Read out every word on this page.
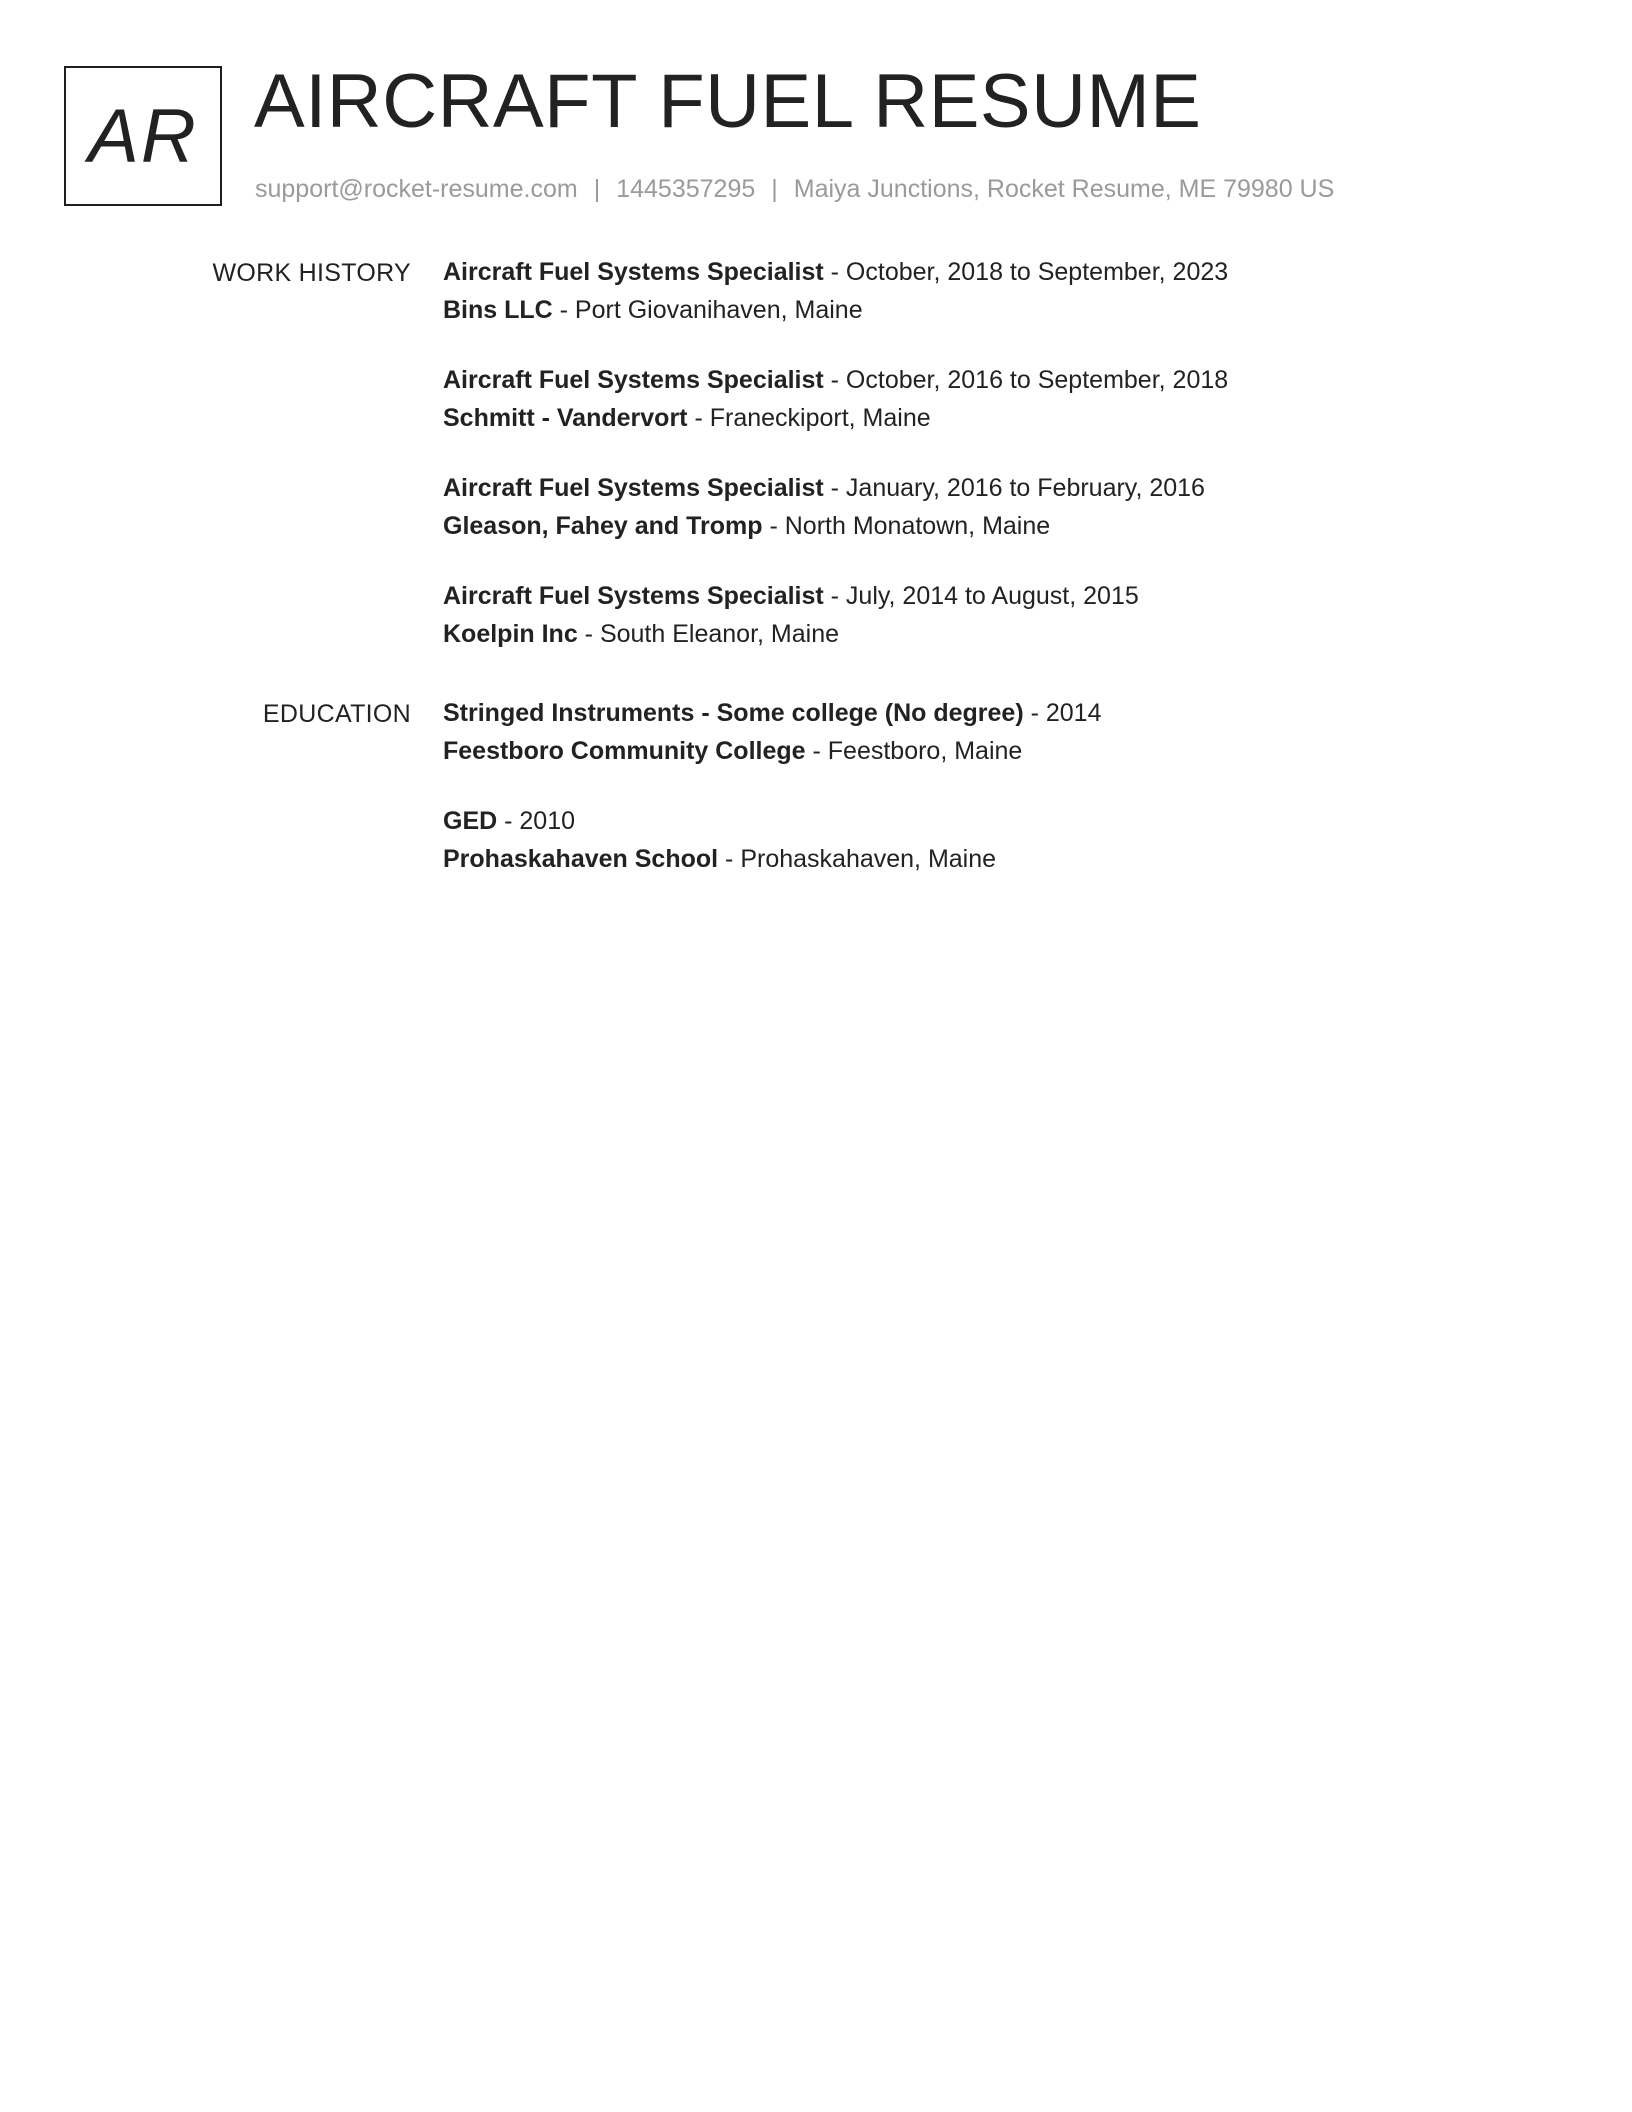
AR AIRCRAFT FUEL RESUME
support@rocket-resume.com | 1445357295 | Maiya Junctions, Rocket Resume, ME 79980 US
WORK HISTORY Aircraft Fuel Systems Specialist - October, 2018 to September, 2023
Bins LLC - Port Giovanihaven, Maine
Aircraft Fuel Systems Specialist - October, 2016 to September, 2018
Schmitt - Vandervort - Franeckiport, Maine
Aircraft Fuel Systems Specialist - January, 2016 to February, 2016
Gleason, Fahey and Tromp - North Monatown, Maine
Aircraft Fuel Systems Specialist - July, 2014 to August, 2015
Koelpin Inc - South Eleanor, Maine
EDUCATION Stringed Instruments - Some college (No degree) - 2014
Feestboro Community College - Feestboro, Maine
GED - 2010
Prohaskahaven School - Prohaskahaven, Maine
